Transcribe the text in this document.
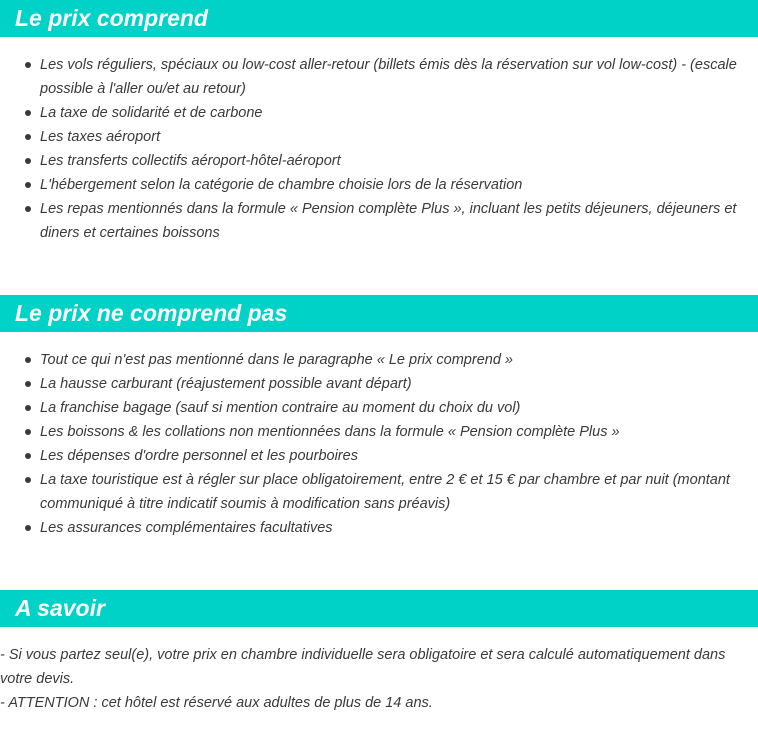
Le prix comprend
Les vols réguliers, spéciaux ou low-cost aller-retour (billets émis dès la réservation sur vol low-cost) - (escale possible à l'aller ou/et au retour)
La taxe de solidarité et de carbone
Les taxes aéroport
Les transferts collectifs aéroport-hôtel-aéroport
L'hébergement selon la catégorie de chambre choisie lors de la réservation
Les repas mentionnés dans la formule « Pension complète Plus », incluant les petits déjeuners, déjeuners et diners et certaines boissons
Le prix ne comprend pas
Tout ce qui n'est pas mentionné dans le paragraphe « Le prix comprend »
La hausse carburant (réajustement possible avant départ)
La franchise bagage (sauf si mention contraire au moment du choix du vol)
Les boissons & les collations non mentionnées dans la formule « Pension complète Plus »
Les dépenses d'ordre personnel et les pourboires
La taxe touristique est à régler sur place obligatoirement, entre 2 € et 15 € par chambre et par nuit (montant communiqué à titre indicatif soumis à modification sans préavis)
Les assurances complémentaires facultatives
A savoir

- Si vous partez seul(e), votre prix en chambre individuelle sera obligatoire et sera calculé automatiquement dans votre devis.

- ATTENTION : cet hôtel est réservé aux adultes de plus de 14 ans.
